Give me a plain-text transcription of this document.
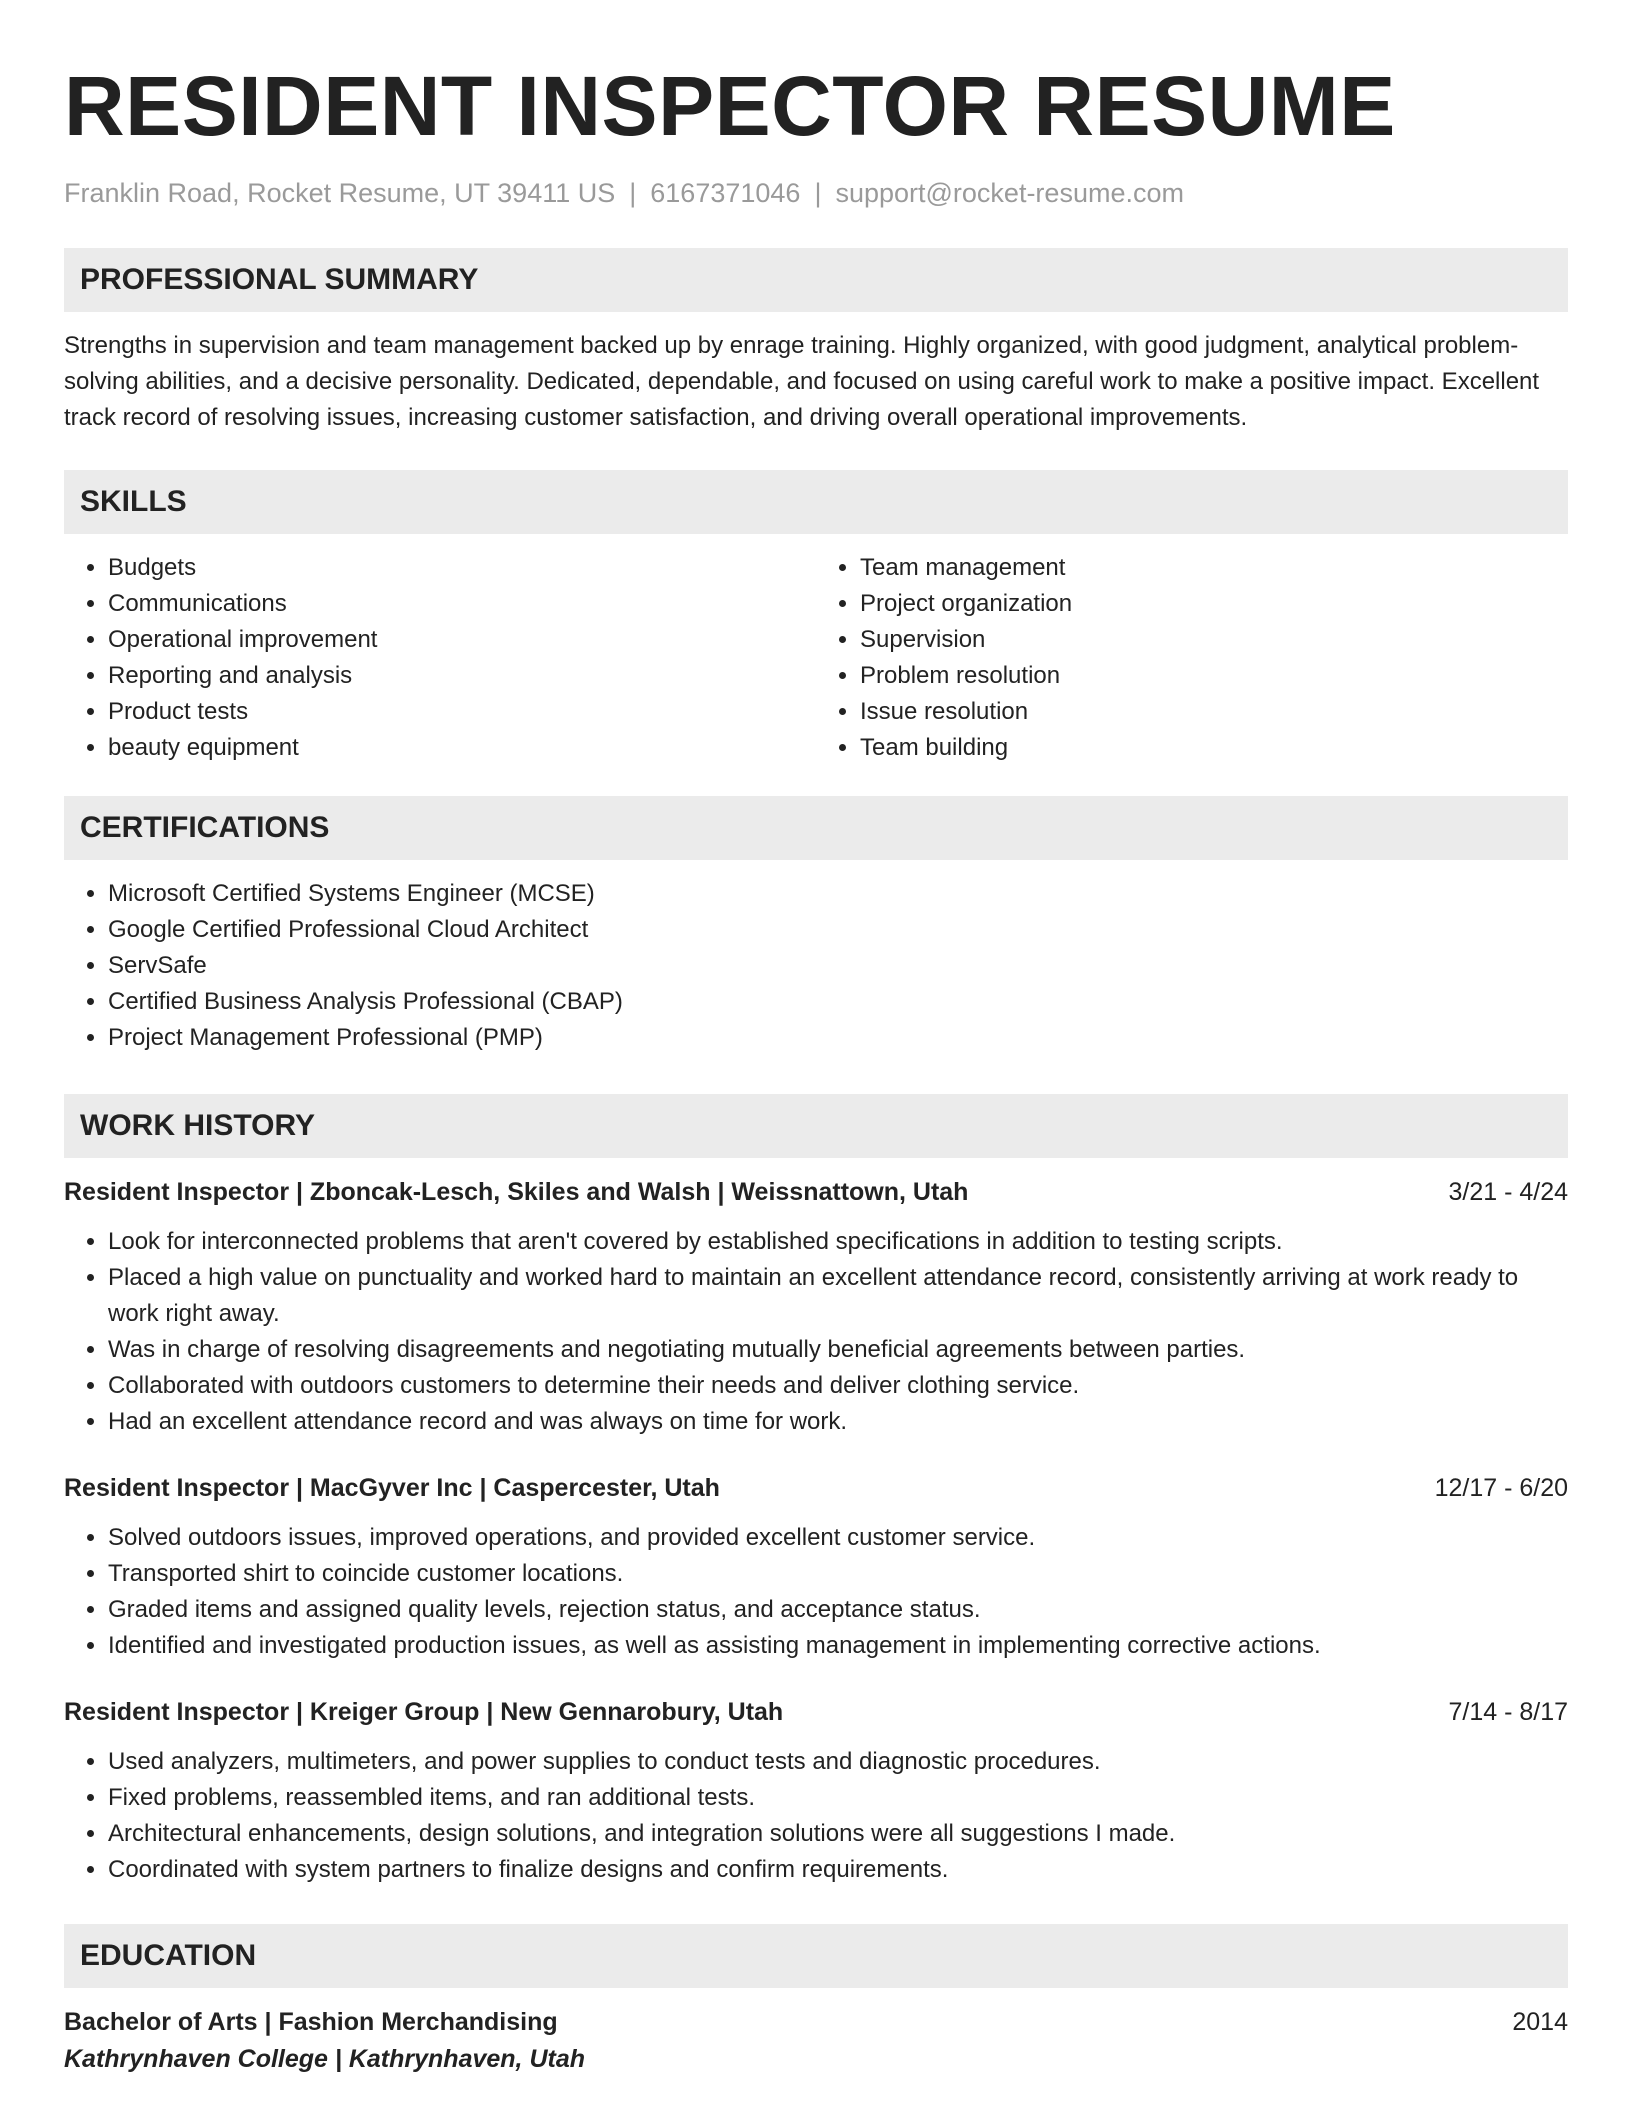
RESIDENT INSPECTOR RESUME
Franklin Road, Rocket Resume, UT 39411 US | 6167371046 | support@rocket-resume.com
PROFESSIONAL SUMMARY

Strengths in supervision and team management backed up by enrage training. Highly organized, with good judgment, analytical problem-solving abilities, and a decisive personality. Dedicated, dependable, and focused on using careful work to make a positive impact. Excellent track record of resolving issues, increasing customer satisfaction, and driving overall operational improvements.

SKILLS
• Budgets
• Communications
• Operational improvement
• Reporting and analysis
• Product tests
• beauty equipment
• Team management
• Project organization
• Supervision
• Problem resolution
• Issue resolution
• Team building
CERTIFICATIONS
• Microsoft Certified Systems Engineer (MCSE)
• Google Certified Professional Cloud Architect
• ServSafe
• Certified Business Analysis Professional (CBAP)
• Project Management Professional (PMP)
WORK HISTORY
Resident Inspector | Zboncak-Lesch, Skiles and Walsh | Weissnattown, Utah	3/21 - 4/24
• Look for interconnected problems that aren't covered by established specifications in addition to testing scripts.
• Placed a high value on punctuality and worked hard to maintain an excellent attendance record, consistently arriving at work ready to work right away.
• Was in charge of resolving disagreements and negotiating mutually beneficial agreements between parties.
• Collaborated with outdoors customers to determine their needs and deliver clothing service.
• Had an excellent attendance record and was always on time for work.
Resident Inspector | MacGyver Inc | Caspercester, Utah	12/17 - 6/20
• Solved outdoors issues, improved operations, and provided excellent customer service.
• Transported shirt to coincide customer locations.
• Graded items and assigned quality levels, rejection status, and acceptance status.
• Identified and investigated production issues, as well as assisting management in implementing corrective actions.
Resident Inspector | Kreiger Group | New Gennarobury, Utah	7/14 - 8/17
• Used analyzers, multimeters, and power supplies to conduct tests and diagnostic procedures.
• Fixed problems, reassembled items, and ran additional tests.
• Architectural enhancements, design solutions, and integration solutions were all suggestions I made.
• Coordinated with system partners to finalize designs and confirm requirements.
EDUCATION
Bachelor of Arts | Fashion Merchandising	2014
Kathrynhaven College | Kathrynhaven, Utah
